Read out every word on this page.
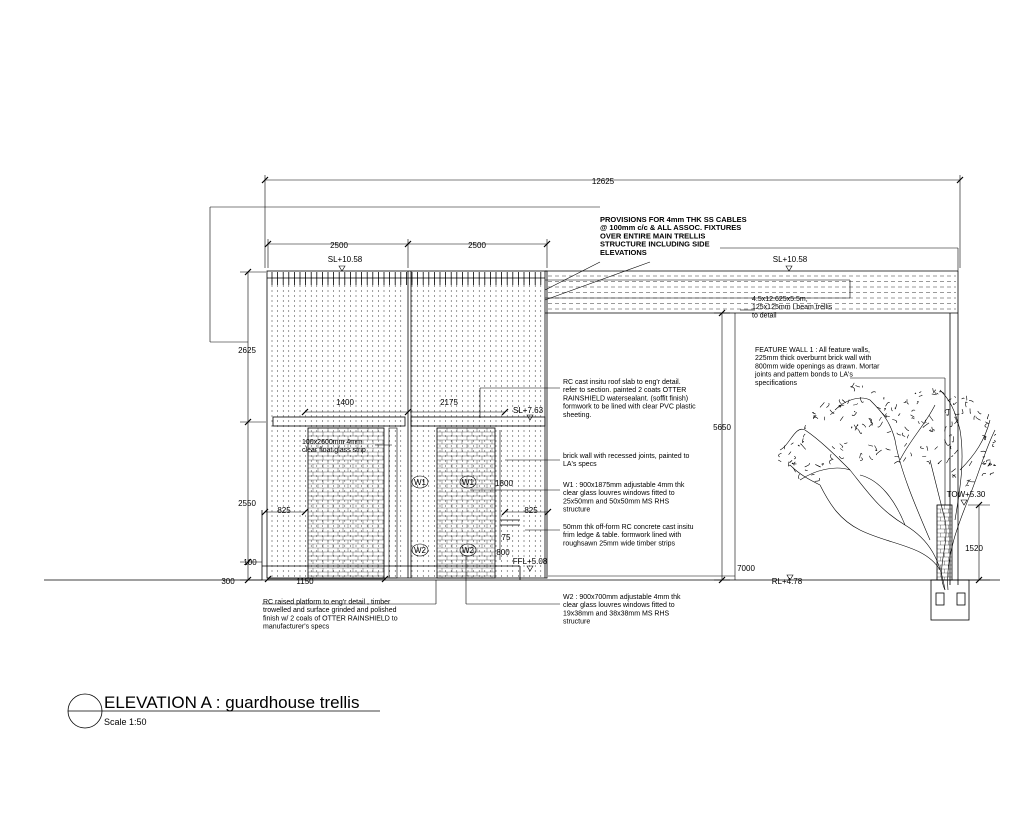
12625
2500	2500
2625
2550
100
300
1400	2175
825	825
1150
1800
75
800
5650
7000
1520
SL+10.58	SL+10.58
SL+7.63
FFL+5.08
RL+4.78
TOW+5.30
W1	W1
W2	W2
PROVISIONS FOR 4mm THK SS CABLES @ 100mm c/c & ALL ASSOC. FIXTURES OVER ENTIRE MAIN TRELLIS STRUCTURE INCLUDING SIDE ELEVATIONS
4.5x12.625x5.5m, 125x125mm I beam trellis to detail
FEATURE WALL 1 : All feature walls, 225mm thick overburnt brick wall with 800mm wide openings as drawn. Mortar joints and pattern bonds to LA's specifications
RC cast insitu roof slab to eng'r detail. refer to section. painted 2 coats OTTER RAINSHIELD watersealant. (soffit finish) formwork to be lined with clear PVC plastic sheeting.
100x2600mm 4mm clear float glass strip
brick wall with recessed joints, painted to LA's specs
W1 : 900x1875mm adjustable 4mm thk clear glass louvres windows fitted to 25x50mm and 50x50mm MS RHS structure
50mm thk off-form RC concrete cast insitu frim ledge & table. formwork lined with roughsawn 25mm wide timber strips
RC raised platform to eng'r detail , timber trowelled and surface grinded and polished finish w/ 2 coals of OTTER RAINSHIELD to manufacturer's specs
W2 : 900x700mm adjustable 4mm thk clear glass louvres windows fitted to 19x38mm and 38x38mm MS RHS structure
ELEVATION A : guardhouse trellis
Scale 1:50
